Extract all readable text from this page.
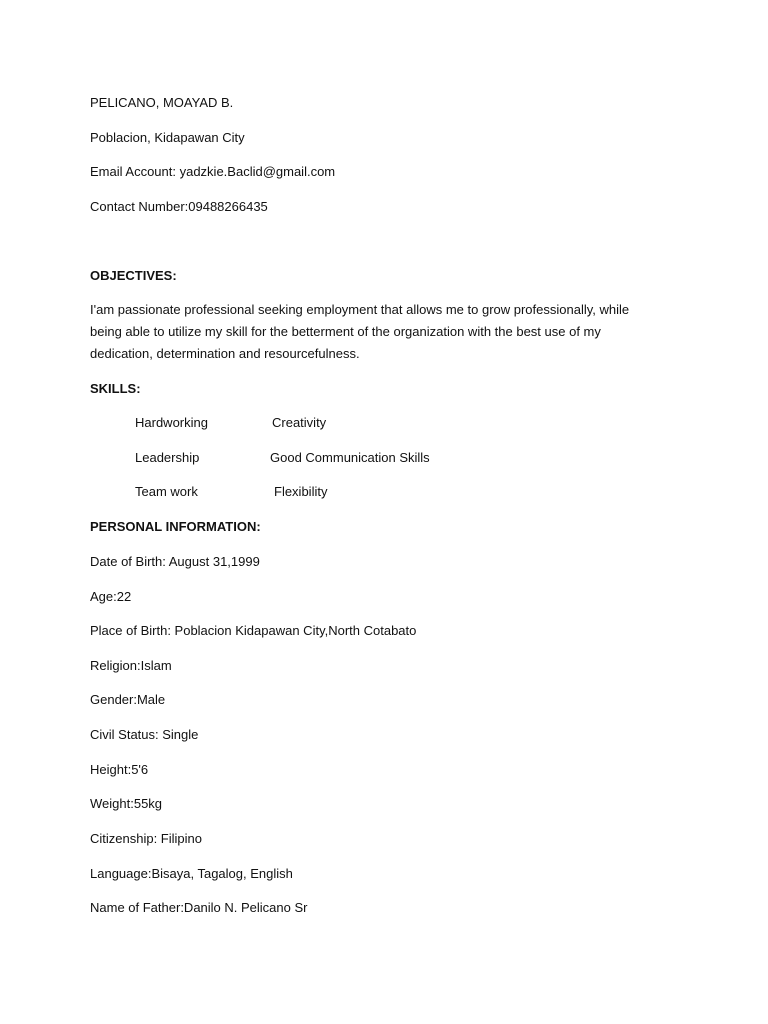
PELICANO, MOAYAD B.
Poblacion, Kidapawan City
Email Account: yadzkie.Baclid@gmail.com
Contact Number:09488266435
OBJECTIVES:
I'am passionate professional seeking employment that allows me to grow professionally, while
being able to utilize my skill for the betterment of the organization with the best use of my
dedication, determination and resourcefulness.
SKILLS:
Hardworking	Creativity
Leadership	Good Communication Skills
Team work	Flexibility
PERSONAL INFORMATION:
Date of Birth: August 31,1999
Age:22
Place of Birth: Poblacion Kidapawan City,North Cotabato
Religion:Islam
Gender:Male
Civil Status: Single
Height:5'6
Weight:55kg
Citizenship: Filipino
Language:Bisaya, Tagalog, English
Name of Father:Danilo N. Pelicano Sr
